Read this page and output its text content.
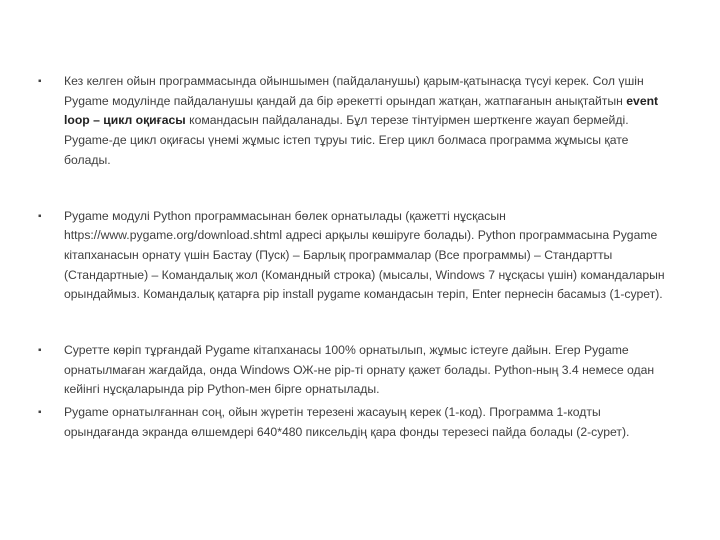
▪ Кез келген ойын программасында ойыншымен (пайдаланушы) қарым-қатынасқа түсуі керек. Сол үшін Pygame модулінде пайдаланушы қандай да бір әрекетті орындап жатқан, жатпағанын анықтайтын event loop – цикл оқиғасы командасын пайдаланады. Бұл терезе тінтуірмен шерткенге жауап бермейді. Pygame-де цикл оқиғасы үнемі жұмыс істеп тұруы тиіс. Егер цикл болмаса программа жұмысы қате болады.
▪ Pygame модулі Python программасынан бөлек орнатылады (қажетті нұсқасын https://www.pygame.org/download.shtml адресі арқылы көшіруге болады). Python программасына Pygame кітапханасын орнату үшін Бастау (Пуск) – Барлық программалар (Все программы) – Стандартты (Стандартные) – Командалық жол (Командный строка) (мысалы, Windows 7 нұсқасы үшін) командаларын орындаймыз. Командалық қатарға pip install pygame командасын теріп, Enter пернесін басамыз (1-сурет).
▪ Суретте көріп тұрғандай Pygame кітапханасы 100% орнатылып, жұмыс істеуге дайын. Егер Pygame орнатылмаған жағдайда, онда Windows ОЖ-не pip-ті орнату қажет болады. Python-ның 3.4 немесе одан кейінгі нұсқаларында pip Python-мен бірге орнатылады.
▪ Pygame орнатылғаннан соң, ойын жүретін терезені жасауың керек (1-код). Программа 1-кодты орындағанда экранда өлшемдері 640*480 пиксельдің қара фонды терезесі пайда болады (2-сурет).
